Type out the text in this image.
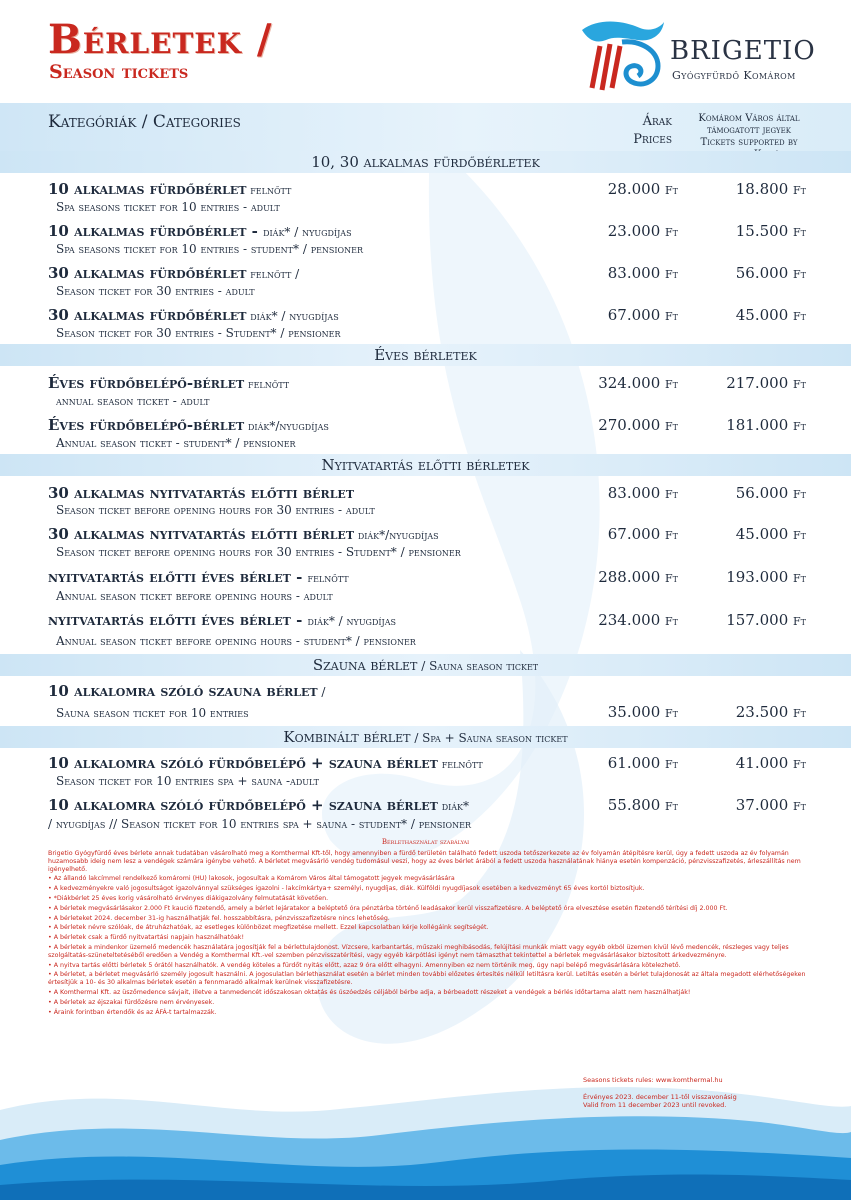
Bérletek /
Season tickets
BRIGETIO
Gyógyfürdő Komárom
Kategóriák / Categories	Árak
Prices
Komárom Város által
támogatott jegyek
Tickets supported by
10, 30 alkalmas fürdőbérletek
10 alkalmas fürdőbérlet felnőtt
Spa seasons ticket for 10 entries - adult
28.000 Ft	18.800 Ft
10 alkalmas fürdőbérlet - diák* / nyugdíjas
Spa seasons ticket for 10 entries - student* / pensioner
23.000 Ft	15.500 Ft
30 alkalmas fürdőbérlet felnőtt /
Season ticket for 30 entries - adult
83.000 Ft	56.000 Ft
30 alkalmas fürdőbérlet diák* / nyugdíjas
Season ticket for 30 entries - Student* / pensioner
67.000 Ft	45.000 Ft
Éves bérletek
Éves fürdőbelépő-bérlet felnőtt
annual season ticket - adult
324.000 Ft	217.000 Ft
Éves fürdőbelépő-bérlet diák*/nyugdíjas
Annual season ticket - student* / pensioner
270.000 Ft	181.000 Ft
Nyitvatartás előtti bérletek
30 alkalmas nyitvatartás előtti bérlet
Season ticket before opening hours for 30 entries - adult
83.000 Ft	56.000 Ft
30 alkalmas nyitvatartás előtti bérlet diák*/nyugdíjas
Season ticket before opening hours for 30 entries - Student* / pensioner
67.000 Ft	45.000 Ft
nyitvatartás előtti éves bérlet - felnőtt
Annual season ticket before opening hours - adult
288.000 Ft	193.000 Ft
nyitvatartás előtti éves bérlet - diák* / nyugdíjas
Annual season ticket before opening hours - student* / pensioner
234.000 Ft	157.000 Ft
Szauna bérlet / Sauna season ticket
10 alkalomra szóló szauna bérlet /
Sauna season ticket for 10 entries	35.000 Ft	23.500 Ft
Kombinált bérlet / Spa + Sauna season ticket
10 alkalomra szóló fürdőbelépő + szauna bérlet felnőtt
Season ticket for 10 entries spa + sauna -adult
61.000 Ft	41.000 Ft
10 alkalomra szóló fürdőbelépő + szauna bérlet diák*
/ nyugdíjas // Season ticket for 10 entries spa + sauna - student* / pensioner
55.800 Ft	37.000 Ft
Bérlethasználat szabályai

Brigetio Gyógyfürdő éves bérlete annak tudatában vásárolható meg a Komthermal Kft-től, hogy amennyiben a fürdő területén található fedett uszoda tetőszerkezete az év folyamán átépítésre kerül, úgy a fedett uszoda az év folyamán huzamosabb ideig nem lesz a vendégek számára igénybe vehető. A bérletet megvásárló vendég tudomásul veszi, hogy az éves bérlet árából a fedett uszoda használatának hiánya esetén kompenzáció, pénzvisszafizetés, árleszállítás nem igényelhető.

• Az állandó lakcímmel rendelkező komáromi (HU) lakosok, jogosultak a Komárom Város által támogatott jegyek megvásárlására

• A kedvezményekre való jogosultságot igazolvánnyal szükséges igazolni - lakcímkártya+ személyi, nyugdíjas, diák. Külföldi nyugdíjasok esetében a kedvezményt 65 éves kortól biztosítjuk.

• *Diákbérlet 25 éves korig vásárolható érvényes diákigazolvány felmutatását követően.

• A bérletek megvásárlásakor 2.000 Ft kaució fizetendő, amely a bérlet lejáratakor a beléptető óra pénztárba történő leadásakor kerül visszafizetésre. A beléptető óra elvesztése esetén fizetendő térítési díj 2.000 Ft.

• A bérleteket 2024. december 31-ig használhatják fel. hosszabbításra, pénzvisszafizetésre nincs lehetőség.

• A bérletek névre szólóak, de átruházhatóak, az esetleges különbözet megfizetése mellett. Ezzel kapcsolatban kérje kollégáink segítségét.

• A bérletek csak a fürdő nyitvatartási napjain használhatóak!

• A bérletek a mindenkor üzemelő medencék használatára jogosítják fel a bérlettulajdonost. Vízcsere, karbantartás, műszaki meghibásodás, felújítási munkák miatt vagy egyéb okból üzemen kívül lévő medencék, részleges vagy teljes szolgáltatás-szüneteltetéséből eredően a Vendég a Komthermal Kft.-vel szemben pénzvisszatérítési, vagy egyéb kárpótlási igényt nem támaszthat tekintettel a bérletek megvásárlásakor biztosított árkedvezményre.

• A nyitva tartás előtti bérletek 5 órától használhatók. A vendég köteles a fürdőt nyitás előtt, azaz 9 óra előtt elhagyni. Amennyiben ez nem történik meg, úgy napi belépő megvásárlására kötelezhető.

• A bérletet, a bérletet megvásárló személy jogosult használni. A jogosulatlan bérlethasználat esetén a bérlet minden további előzetes értesítés nélkül letiltásra kerül. Letiltás esetén a bérlet tulajdonosát az általa megadott elérhetőségeken értesítjük a 10- és 30 alkalmas bérletek esetén a fennmaradó alkalmak kerülnek visszafizetésre.

• A Komthermal Kft. az üszőmedence sávjait, illetve a tanmedencét időszakosan oktatás és úszóedzés céljából bérbe adja, a bérbeadott részeket a vendégek a bérlés időtartama alatt nem használhatják!

• A bérletek az éjszakai fürdőzésre nem érvényesek.

• Áraink forintban értendők és az ÁFÁ-t tartalmazzák.

Seasons tickets rules: www.komthermal.hu
Érvényes 2023. december 11-től visszavonásig
Valid from 11 december 2023 until revoked.
